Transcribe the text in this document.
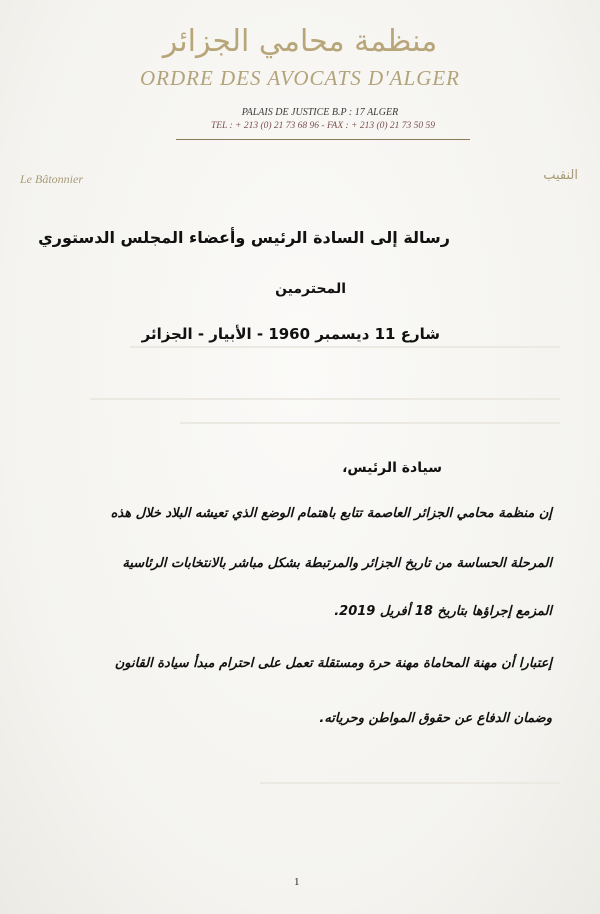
منظمة محامي الجزائر
ORDRE DES AVOCATS D'ALGER
PALAIS DE JUSTICE B.P : 17 ALGER
TEL : + 213 (0) 21 73 68 96 - FAX : + 213 (0) 21 73 50 59
Le Bâtonnier	النقيب
رسالة إلى السادة الرئيس وأعضاء المجلس الدستوري
المحترمين
شارع 11 ديسمبر 1960 - الأبيار - الجزائر
سيادة الرئيس،
إن منظمة محامي الجزائر العاصمة تتابع باهتمام الوضع الذي تعيشه البلاد خلال هذه
المرحلة الحساسة من تاريخ الجزائر والمرتبطة بشكل مباشر بالانتخابات الرئاسية
المزمع إجراؤها بتاريخ 18 أفريل 2019.
إعتبارا أن مهنة المحاماة مهنة حرة ومستقلة تعمل على احترام مبدأ سيادة القانون
وضمان الدفاع عن حقوق المواطن وحرياته.
1
